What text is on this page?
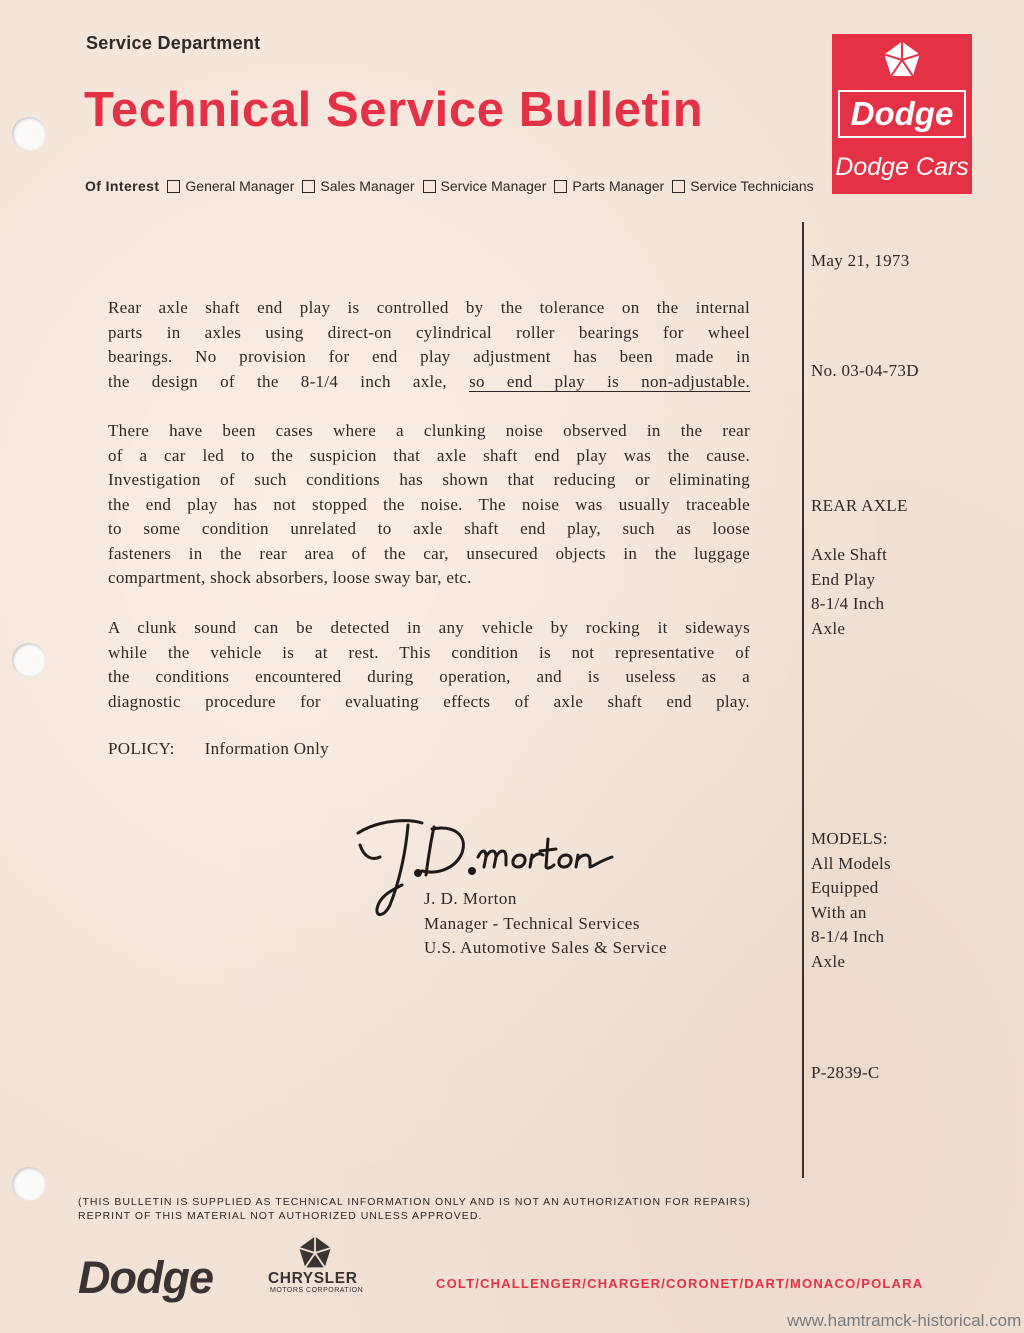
Service Department
Technical Service Bulletin
Of Interest General Manager Sales Manager Service Manager Parts Manager Service Technicians
Dodge
Dodge Cars
May 21, 1973
No. 03-04-73D
REAR AXLE
Axle Shaft
End Play
8-1/4 Inch
Axle
MODELS:
All Models
Equipped
With an
8-1/4 Inch
Axle
P-2839-C
Rear axle shaft end play is controlled by the tolerance on the internal
parts in axles using direct-on cylindrical roller bearings for wheel
bearings. No provision for end play adjustment has been made in
the design of the 8-1/4 inch axle, so end play is non-adjustable.
There have been cases where a clunking noise observed in the rear
of a car led to the suspicion that axle shaft end play was the cause.
Investigation of such conditions has shown that reducing or eliminating
the end play has not stopped the noise. The noise was usually traceable
to some condition unrelated to axle shaft end play, such as loose
fasteners in the rear area of the car, unsecured objects in the luggage
compartment, shock absorbers, loose sway bar, etc.
A clunk sound can be detected in any vehicle by rocking it sideways
while the vehicle is at rest. This condition is not representative of
the conditions encountered during operation, and is useless as a
diagnostic procedure for evaluating effects of axle shaft end play.
POLICY: Information Only
J. D. Morton
Manager - Technical Services
U.S. Automotive Sales & Service
(THIS BULLETIN IS SUPPLIED AS TECHNICAL INFORMATION ONLY AND IS NOT AN AUTHORIZATION FOR REPAIRS)
REPRINT OF THIS MATERIAL NOT AUTHORIZED UNLESS APPROVED.
Dodge	CHRYSLER
MOTORS CORPORATION	COLT/CHALLENGER/CHARGER/CORONET/DART/MONACO/POLARA
www.hamtramck-historical.com
